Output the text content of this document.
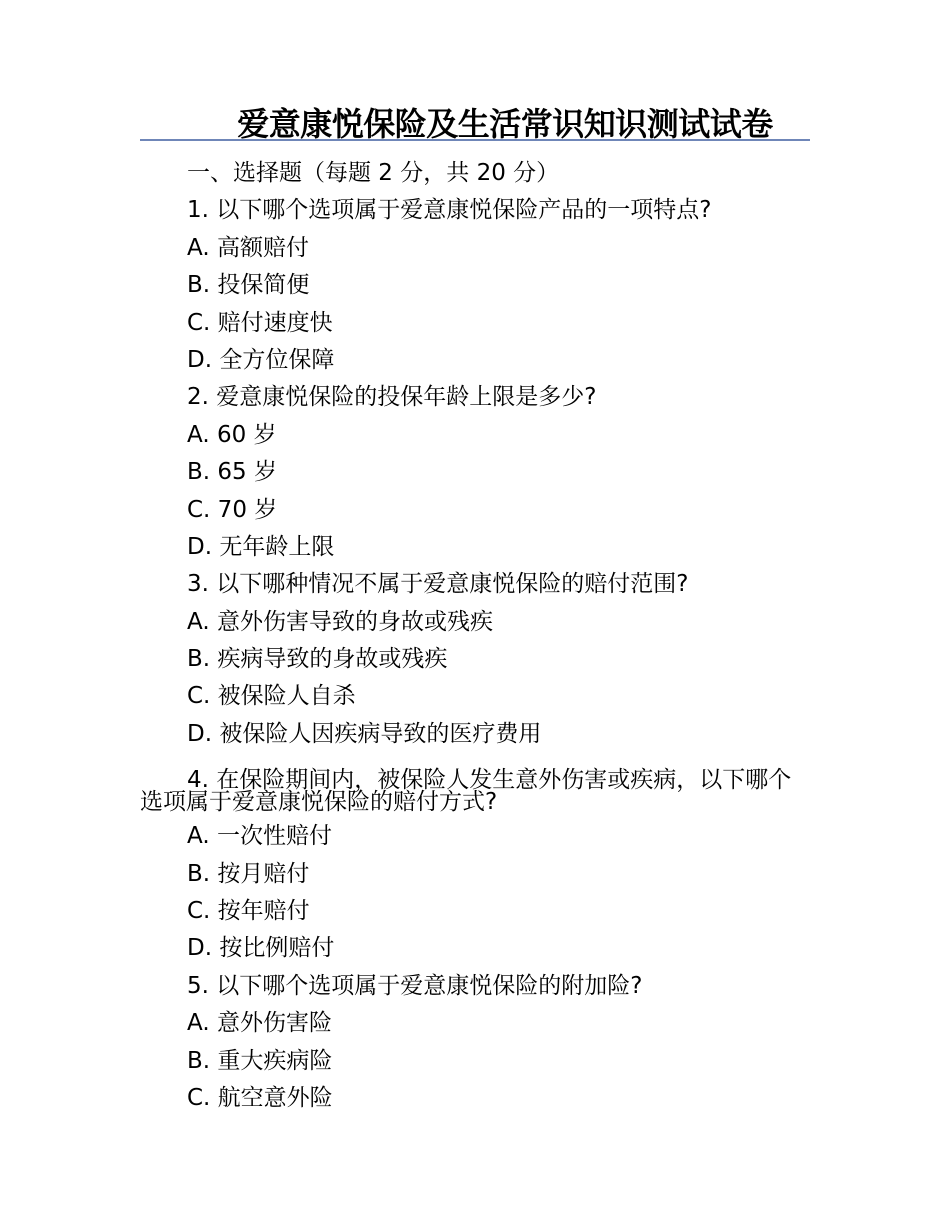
爱意康悦保险及生活常识知识测试试卷
一、选择题（每题 2 分，共 20 分）
1. 以下哪个选项属于爱意康悦保险产品的一项特点?
A. 高额赔付
B. 投保简便
C. 赔付速度快
D. 全方位保障
2. 爱意康悦保险的投保年龄上限是多少?
A. 60 岁
B. 65 岁
C. 70 岁
D. 无年龄上限
3. 以下哪种情况不属于爱意康悦保险的赔付范围?
A. 意外伤害导致的身故或残疾
B. 疾病导致的身故或残疾
C. 被保险人自杀
D. 被保险人因疾病导致的医疗费用
4. 在保险期间内，被保险人发生意外伤害或疾病，以下哪个选项属于爱意康悦保险的赔付方式?
A. 一次性赔付
B. 按月赔付
C. 按年赔付
D. 按比例赔付
5. 以下哪个选项属于爱意康悦保险的附加险?
A. 意外伤害险
B. 重大疾病险
C. 航空意外险
